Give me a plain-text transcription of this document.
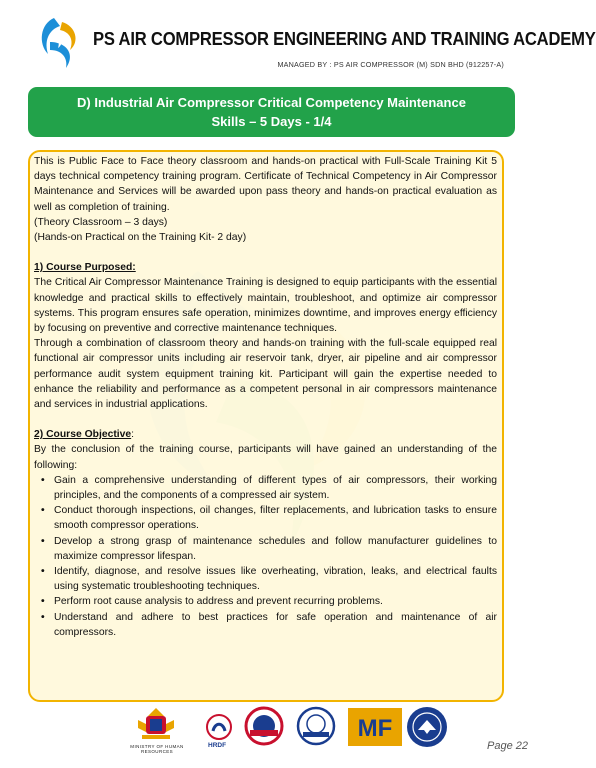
PS AIR COMPRESSOR ENGINEERING AND TRAINING ACADEMY
MANAGED BY : PS AIR COMPRESSOR (M) SDN BHD (912257-A)
D) Industrial Air Compressor Critical Competency Maintenance
Skills – 5 Days - 1/4

This is Public Face to Face theory classroom and hands-on practical with Full-Scale Training Kit 5 days technical competency training program. Certificate of Technical Competency in Air Compressor Maintenance and Services will be awarded upon pass theory and hands-on practical evaluation as well as completion of training.

(Theory Classroom – 3 days)
(Hands-on Practical on the Training Kit- 2 day)
1) Course Purposed:

The Critical Air Compressor Maintenance Training is designed to equip participants with the essential knowledge and practical skills to effectively maintain, troubleshoot, and optimize air compressor systems. This program ensures safe operation, minimizes downtime, and improves energy efficiency by focusing on preventive and corrective maintenance techniques.

Through a combination of classroom theory and hands-on training with the full-scale equipped real functional air compressor units including air reservoir tank, dryer, air pipeline and air compressor performance audit system equipment training kit. Participant will gain the expertise needed to enhance the reliability and performance as a competent personal in air compressors maintenance and services in industrial applications.

2) Course Objective:

By the conclusion of the training course, participants will have gained an understanding of the following:

• Gain a comprehensive understanding of different types of air compressors, their working principles, and the components of a compressed air system.
• Conduct thorough inspections, oil changes, filter replacements, and lubrication tasks to ensure smooth compressor operations.
• Develop a strong grasp of maintenance schedules and follow manufacturer guidelines to maximize compressor lifespan.
• Identify, diagnose, and resolve issues like overheating, vibration, leaks, and electrical faults using systematic troubleshooting techniques.
• Perform root cause analysis to address and prevent recurring problems.
• Understand and adhere to best practices for safe operation and maintenance of air compressors.
MINISTRY OF HUMAN RESOURCES
HRDF
MF
Page 22
